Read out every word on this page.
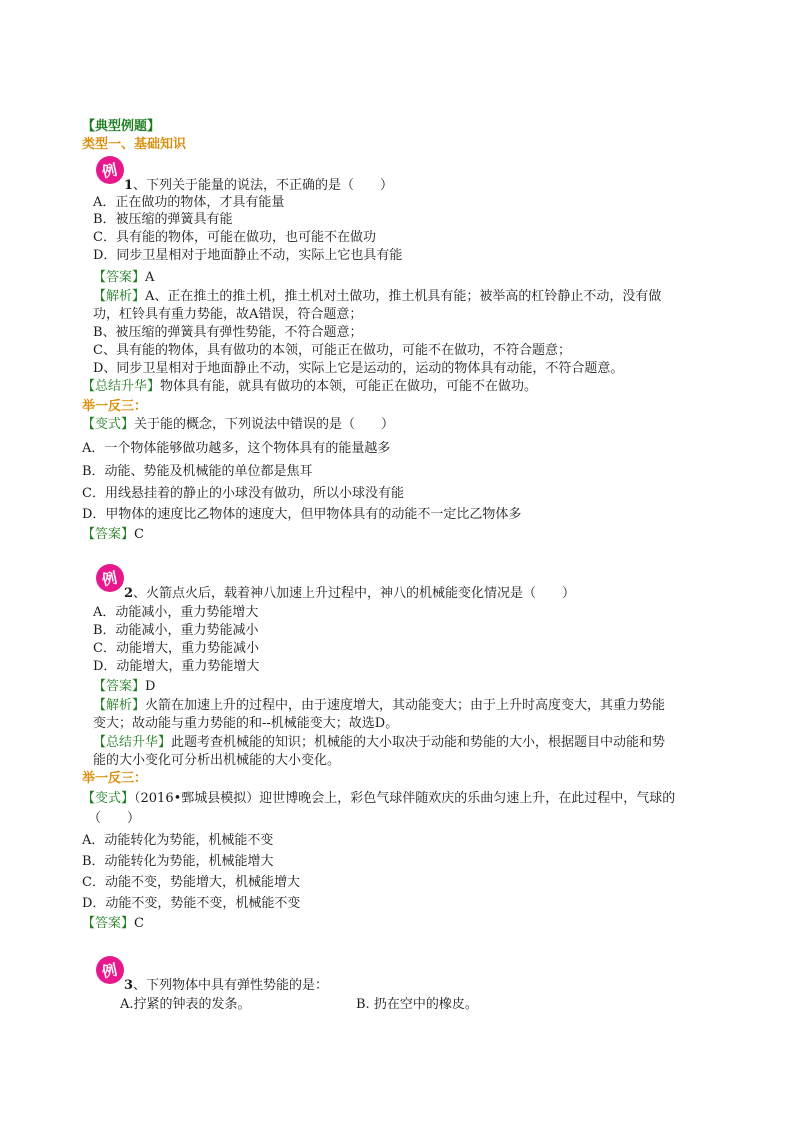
【典型例题】
类型一、基础知识
例
1、下列关于能量的说法，不正确的是（　　）
A．正在做功的物体，才具有能量
B．被压缩的弹簧具有能
C．具有能的物体，可能在做功，也可能不在做功
D．同步卫星相对于地面静止不动，实际上它也具有能
【答案】A
【解析】A、正在推土的推土机，推土机对土做功，推土机具有能；被举高的杠铃静止不动，没有做
功，杠铃具有重力势能，故A错误，符合题意；
B、被压缩的弹簧具有弹性势能，不符合题意；
C、具有能的物体，具有做功的本领，可能正在做功，可能不在做功，不符合题意；
D、同步卫星相对于地面静止不动，实际上它是运动的，运动的物体具有动能，不符合题意。
【总结升华】物体具有能，就具有做功的本领，可能正在做功，可能不在做功。
举一反三：
【变式】关于能的概念，下列说法中错误的是（　　）
A．一个物体能够做功越多，这个物体具有的能量越多
B．动能、势能及机械能的单位都是焦耳
C．用线悬挂着的静止的小球没有做功，所以小球没有能
D．甲物体的速度比乙物体的速度大，但甲物体具有的动能不一定比乙物体多
【答案】C
例
2、火箭点火后，载着神八加速上升过程中，神八的机械能变化情况是（　　）
A．动能减小，重力势能增大
B．动能减小，重力势能减小
C．动能增大，重力势能减小
D．动能增大，重力势能增大
【答案】D
【解析】火箭在加速上升的过程中，由于速度增大，其动能变大；由于上升时高度变大，其重力势能
变大；故动能与重力势能的和--机械能变大；故选D。
【总结升华】此题考查机械能的知识；机械能的大小取决于动能和势能的大小，根据题目中动能和势
能的大小变化可分析出机械能的大小变化。
举一反三：
【变式】（2016•鄄城县模拟）迎世博晚会上，彩色气球伴随欢庆的乐曲匀速上升，在此过程中，气球的
（　　）
A．动能转化为势能，机械能不变
B．动能转化为势能，机械能增大
C．动能不变，势能增大，机械能增大
D．动能不变，势能不变，机械能不变
【答案】C
例
3、下列物体中具有弹性势能的是：
A.拧紧的钟表的发条。	B. 扔在空中的橡皮。
